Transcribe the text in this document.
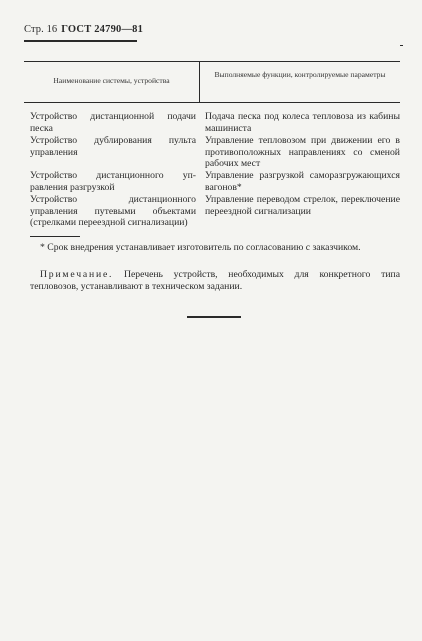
Стр. 16 ГОСТ 24790—81
Наименование системы, устройства
Выполняемые функции, контролируемые параметры
Устройство дистанционной подачи песка
Подача песка под колеса тепловоза из кабины машиниста
Устройство дублирования пульта управления
Управление тепловозом при движении его в противоположных направлениях со сменой рабочих мест
Устройство дистанционного управления разгрузкой
Управление разгрузкой саморазгружающихся вагонов*
Устройство дистанционного управления путевыми объектами (стрелками переездной сигнализации)
Управление переводом стрелок, переключение переездной сигнализации
* Срок внедрения устанавливает изготовитель по согласованию с заказчиком.
Примечание. Перечень устройств, необходимых для конкретного типа тепловозов, устанавливают в техническом задании.
